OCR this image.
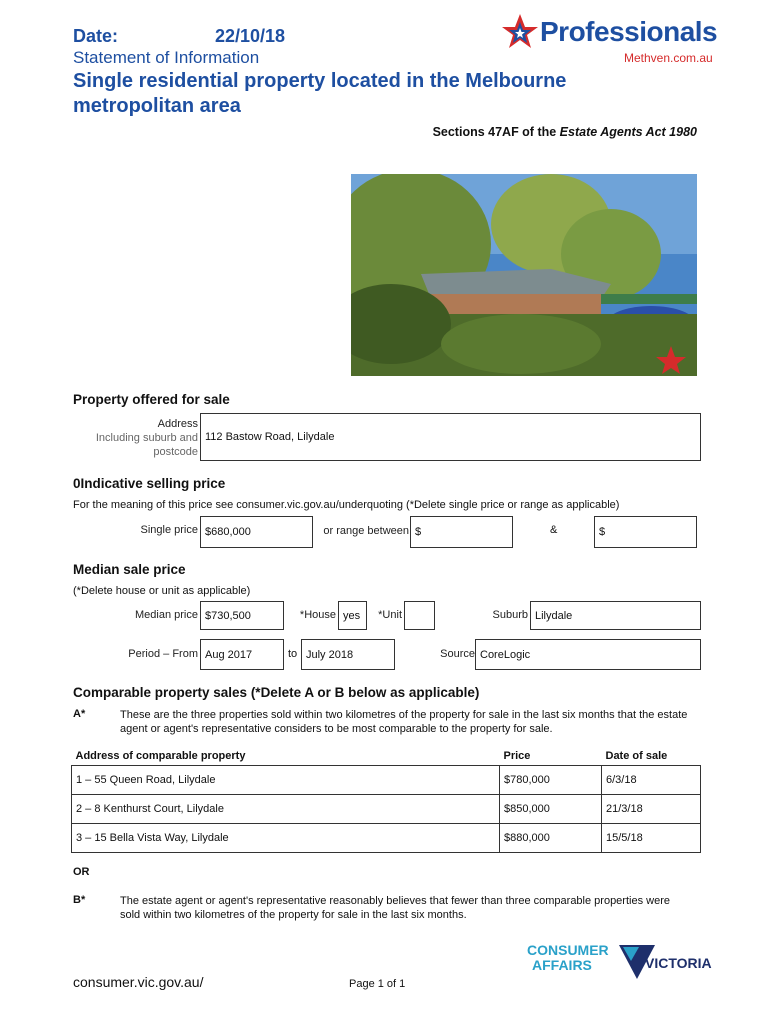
Date:	22/10/18
Statement of Information
Single residential property located in the Melbourne metropolitan area
Sections 47AF of the Estate Agents Act 1980
Professionals
Methven.com.au
Property offered for sale
Address
Including suburb and
postcode
112 Bastow Road, Lilydale
0Indicative selling price
For the meaning of this price see consumer.vic.gov.au/underquoting (*Delete single price or range as applicable)
Single price $680,000	or range between $	&	$
Median sale price
(*Delete house or unit as applicable)
Median price $730,500	*House yes	*Unit	Suburb Lilydale
Period – From Aug 2017	to July 2018	Source CoreLogic
Comparable property sales (*Delete A or B below as applicable)
A*	These are the three properties sold within two kilometres of the property for sale in the last six months that the estate agent or agent's representative considers to be most comparable to the property for sale.
Address of comparable property	Price	Date of sale
1 – 55 Queen Road, Lilydale	$780,000	6/3/18
2 – 8 Kenthurst Court, Lilydale	$850,000	21/3/18
3 – 15 Bella Vista Way, Lilydale	$880,000	15/5/18
OR
B*	The estate agent or agent's representative reasonably believes that fewer than three comparable properties were sold within two kilometres of the property for sale in the last six months.
CONSUMER
AFFAIRS	VICTORIA
consumer.vic.gov.au/	Page 1 of 1
